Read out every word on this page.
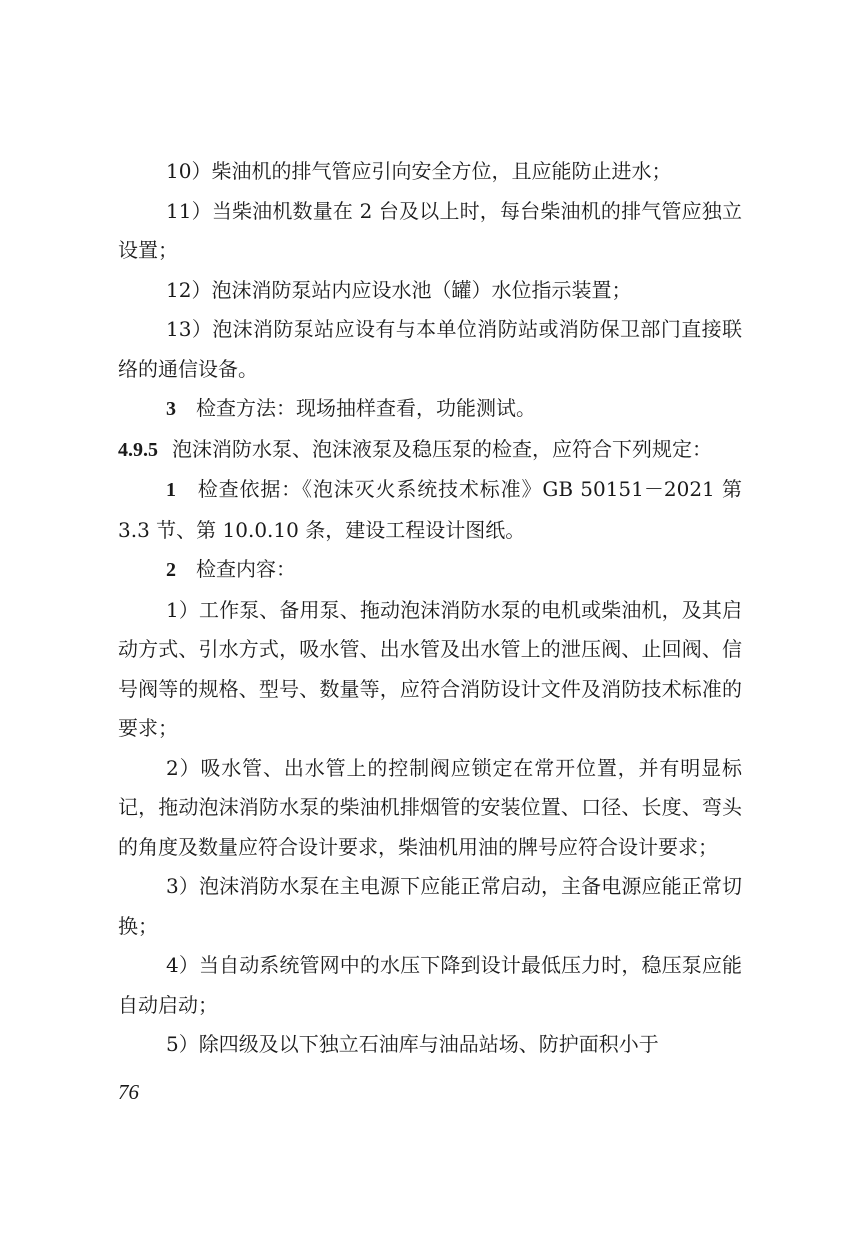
10）柴油机的排气管应引向安全方位，且应能防止进水；

11）当柴油机数量在 2 台及以上时，每台柴油机的排气管应独立设置；

12）泡沫消防泵站内应设水池（罐）水位指示装置；

13）泡沫消防泵站应设有与本单位消防站或消防保卫部门直接联络的通信设备。

3　 检查方法：现场抽样查看，功能测试。

4.9.5 泡沫消防水泵、泡沫液泵及稳压泵的检查，应符合下列规定：

1　 检查依据：《泡沫灭火系统技术标准》GB 50151－2021 第 3.3 节、第 10.0.10 条，建设工程设计图纸。

2　 检查内容：

1）工作泵、备用泵、拖动泡沫消防水泵的电机或柴油机，及其启动方式、引水方式，吸水管、出水管及出水管上的泄压阀、止回阀、信号阀等的规格、型号、数量等，应符合消防设计文件及消防技术标准的要求；

2）吸水管、出水管上的控制阀应锁定在常开位置，并有明显标记，拖动泡沫消防水泵的柴油机排烟管的安装位置、口径、长度、弯头的角度及数量应符合设计要求，柴油机用油的牌号应符合设计要求；

3）泡沫消防水泵在主电源下应能正常启动，主备电源应能正常切换；

4）当自动系统管网中的水压下降到设计最低压力时，稳压泵应能自动启动；

5）除四级及以下独立石油库与油品站场、防护面积小于

76
